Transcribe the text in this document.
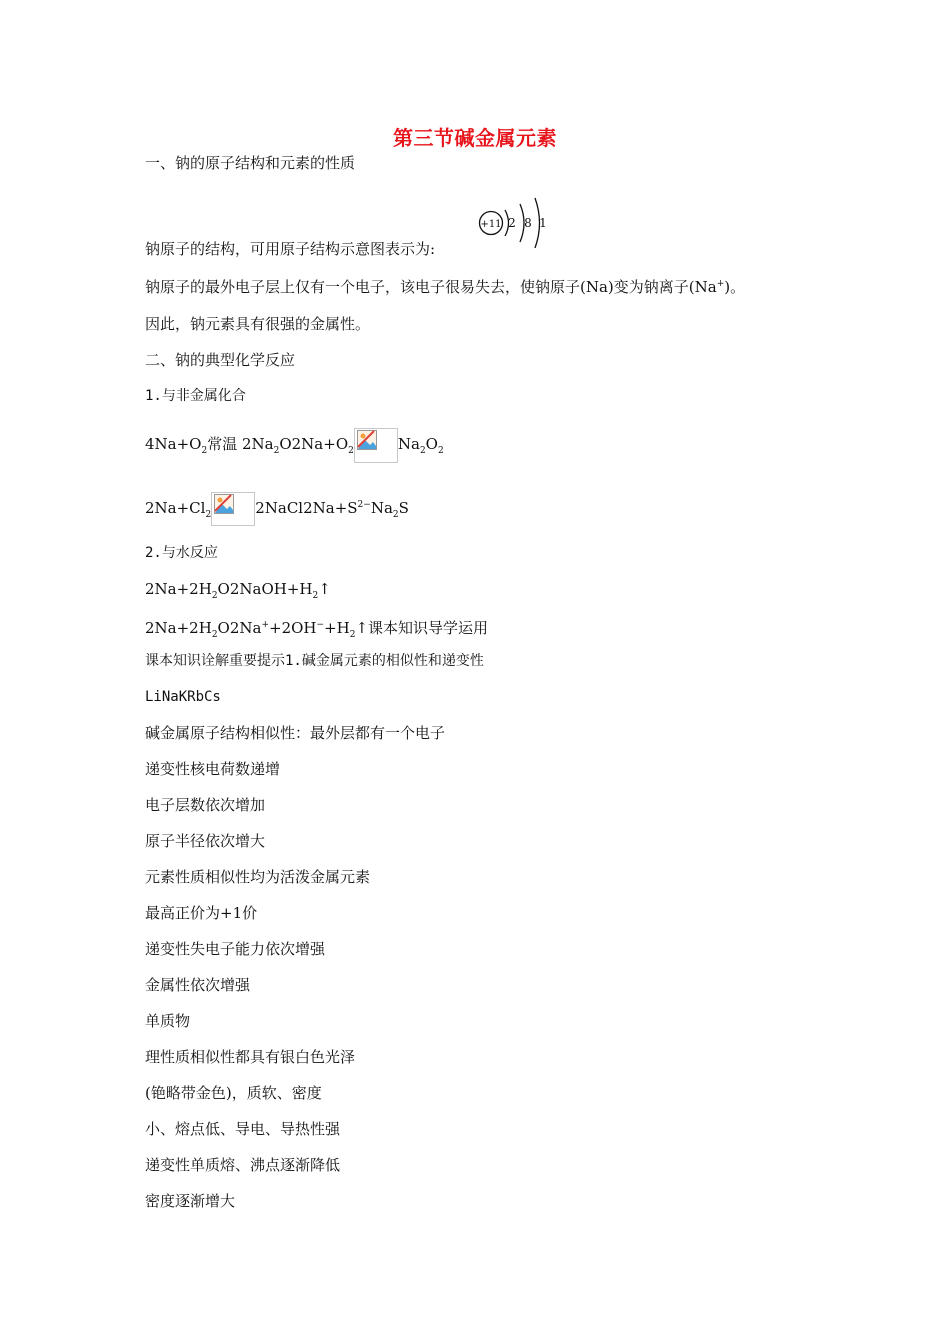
第三节碱金属元素
一、钠的原子结构和元素的性质
+11 2 8 1
钠原子的结构，可用原子结构示意图表示为:
钠原子的最外电子层上仅有一个电子，该电子很易失去，使钠原子(Na)变为钠离子(Na+)。
因此，钠元素具有很强的金属性。
二、钠的典型化学反应
1.与非金属化合
$4Na+O_2$常温 $2Na_2O2Na+O_2$	$Na_2O_2$
$2Na+Cl_2$	$2NaCl2Na+S^{2-}Na_2S$
2.与水反应
$2Na+2H_2O2NaOH+H_2↑$
$2Na+2H_2O2Na^++2OH^-+H_2↑$课本知识导学运用
课本知识诠解重要提示1.碱金属元素的相似性和递变性
LiNaKRbCs
碱金属原子结构相似性：最外层都有一个电子
递变性核电荷数递增
电子层数依次增加
原子半径依次增大
元素性质相似性均为活泼金属元素
最高正价为+1价
递变性失电子能力依次增强
金属性依次增强
单质物
理性质相似性都具有银白色光泽
(铯略带金色)，质软、密度
小、熔点低、导电、导热性强
递变性单质熔、沸点逐渐降低
密度逐渐增大
